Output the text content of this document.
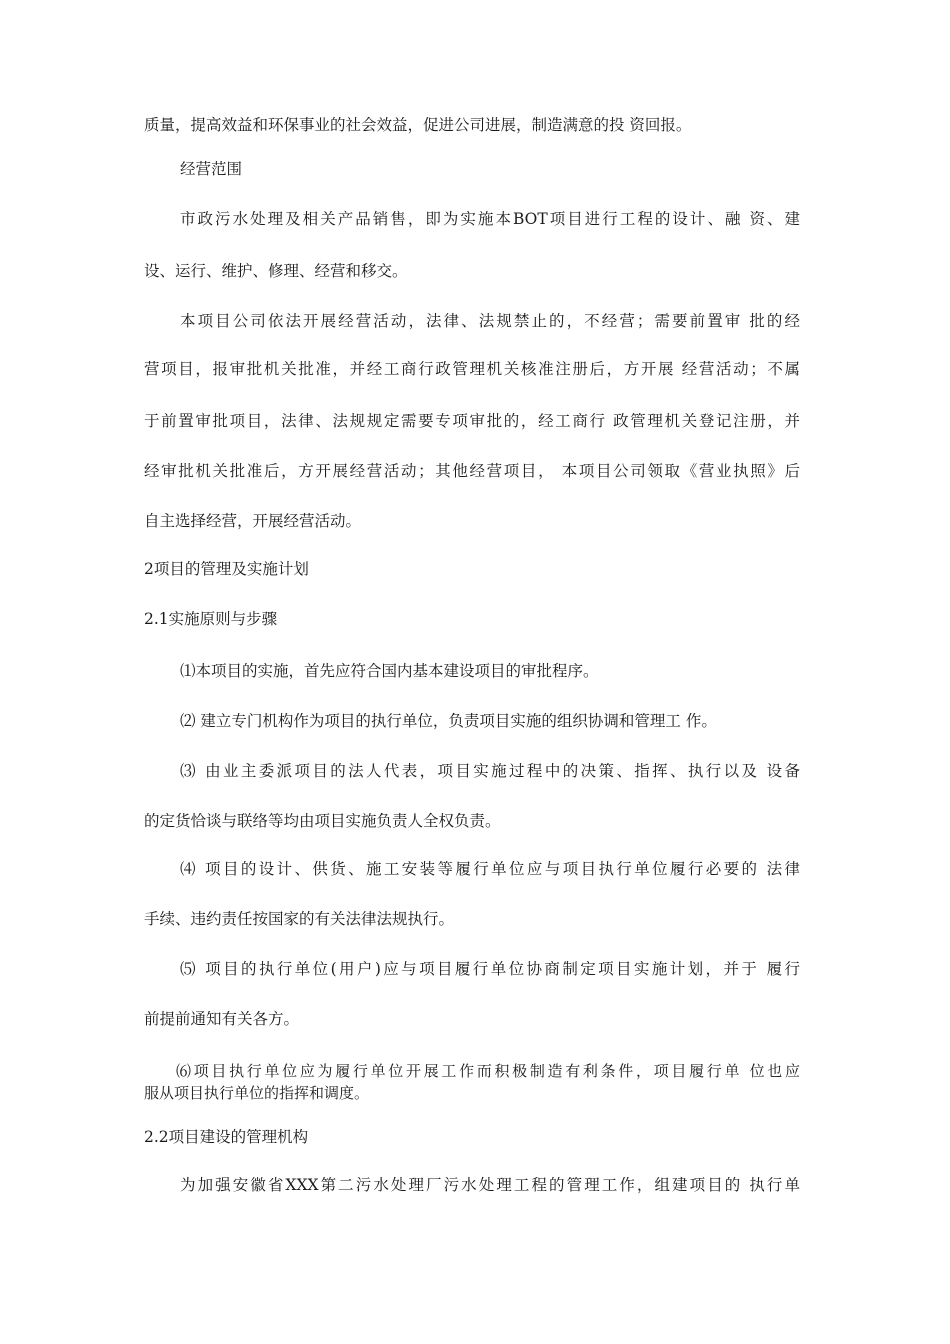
质量，提高效益和环保事业的社会效益，促进公司进展，制造满意的投 资回报。
经营范围
市政污水处理及相关产品销售，即为实施本BOT项目进行工程的设计、融 资、建
设、运行、维护、修理、经营和移交。
本项目公司依法开展经营活动，法律、法规禁止的，不经营；需要前置审 批的经
营项目，报审批机关批准，并经工商行政管理机关核准注册后，方开展 经营活动；不属
于前置审批项目，法律、法规规定需要专项审批的，经工商行 政管理机关登记注册，并
经审批机关批准后，方开展经营活动；其他经营项目， 本项目公司领取《营业执照》后
自主选择经营，开展经营活动。
2项目的管理及实施计划
2.1实施原则与步骤
⑴本项目的实施，首先应符合国内基本建设项目的审批程序。
⑵ 建立专门机构作为项目的执行单位，负责项目实施的组织协调和管理工 作。
⑶ 由业主委派项目的法人代表，项目实施过程中的决策、指挥、执行以及 设备
的定货恰谈与联络等均由项目实施负责人全权负责。
⑷ 项目的设计、供货、施工安装等履行单位应与项目执行单位履行必要的 法律
手续、违约责任按国家的有关法律法规执行。
⑸ 项目的执行单位(用户)应与项目履行单位协商制定项目实施计划，并于 履行
前提前通知有关各方。
⑹项目执行单位应为履行单位开展工作而积极制造有利条件，项目履行单 位也应
服从项目执行单位的指挥和调度。
2.2项目建设的管理机构
为加强安徽省XXX第二污水处理厂污水处理工程的管理工作，组建项目的 执行单
